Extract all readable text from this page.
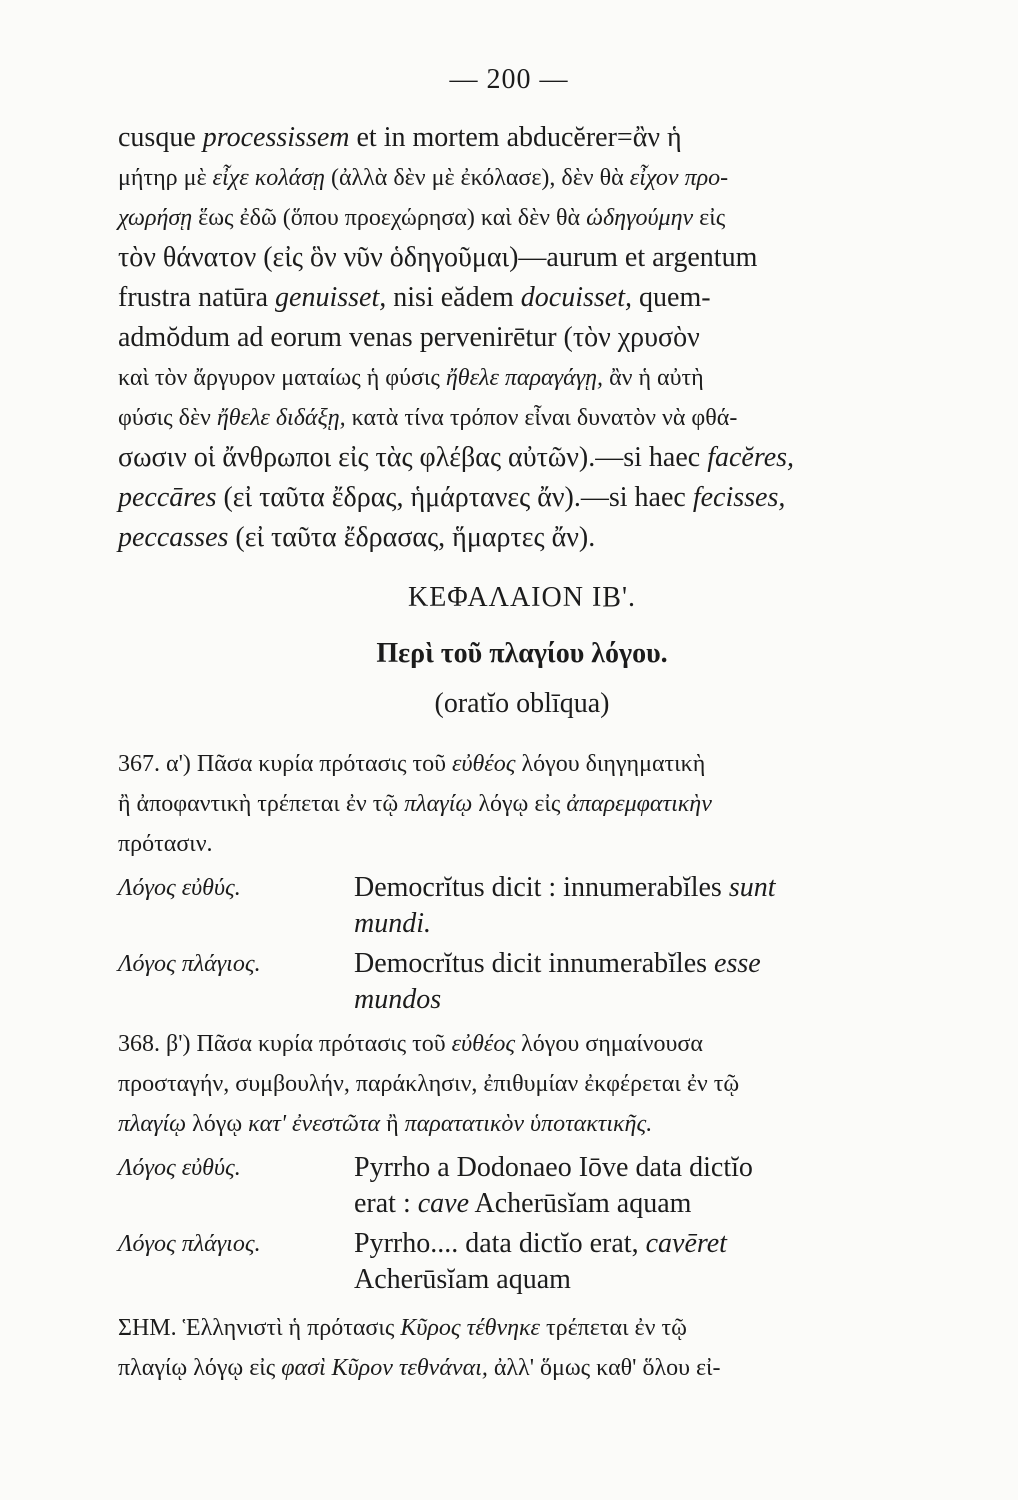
— 200 —
cusque processissem et in mortem abducĕrer=ἂν ἡ
μήτηρ μὲ εἶχε κολάσῃ (ἀλλὰ δὲν μὲ ἐκόλασε), δὲν θὰ εἶχον προ-
χωρήσῃ ἕως ἐδῶ (ὅπου προεχώρησα) καὶ δὲν θὰ ὡδηγούμην εἰς
τὸν θάνατον (εἰς ὃν νῦν ὁδηγοῦμαι)—aurum et argentum
frustra natūra genuisset, nisi eădem docuisset, quem-
admŏdum ad eorum venas pervenirētur (τὸν χρυσὸν
καὶ τὸν ἄργυρον ματαίως ἡ φύσις ἤθελε παραγάγῃ, ἂν ἡ αὐτὴ
φύσις δὲν ἤθελε διδάξῃ, κατὰ τίνα τρόπον εἶναι δυνατὸν νὰ φθά-
σωσιν οἱ ἄνθρωποι εἰς τὰς φλέβας αὐτῶν).—si haec facĕres,
peccāres (εἰ ταῦτα ἔδρας, ἡμάρτανες ἄν).—si haec fecisses,
peccasses (εἰ ταῦτα ἔδρασας, ἥμαρτες ἄν).
ΚΕΦΑΛΑΙΟΝ ΙΒ'.
Περὶ τοῦ πλαγίου λόγου.
(oratĭo oblīqua)
367. α') Πᾶσα κυρία πρότασις τοῦ εὐθέος λόγου διηγηματικὴ
ἢ ἀποφαντικὴ τρέπεται ἐν τῷ πλαγίῳ λόγῳ εἰς ἀπαρεμφατικὴν
πρότασιν.
Λόγος εὐθύς.	Democrĭtus dicit : innumerabĭles sunt
mundi.
Λόγος πλάγιος.	Democrĭtus dicit innumerabĭles esse
mundos
368. β') Πᾶσα κυρία πρότασις τοῦ εὐθέος λόγου σημαίνουσα
προσταγήν, συμβουλήν, παράκλησιν, ἐπιθυμίαν ἐκφέρεται ἐν τῷ
πλαγίῳ λόγῳ κατ' ἐνεστῶτα ἢ παρατατικὸν ὑποτακτικῆς.
Λόγος εὐθύς.	Pyrrho a Dodonaeo Iōve data dictĭo
erat : cave Acherūsĭam aquam
Λόγος πλάγιος.	Pyrrho.... data dictĭo erat, cavēret
Acherūsĭam aquam
ΣΗΜ. Ἑλληνιστὶ ἡ πρότασις Κῦρος τέθνηκε τρέπεται ἐν τῷ
πλαγίῳ λόγῳ εἰς φασὶ Κῦρον τεθνάναι, ἀλλ' ὅμως καθ' ὅλου εἰ-
